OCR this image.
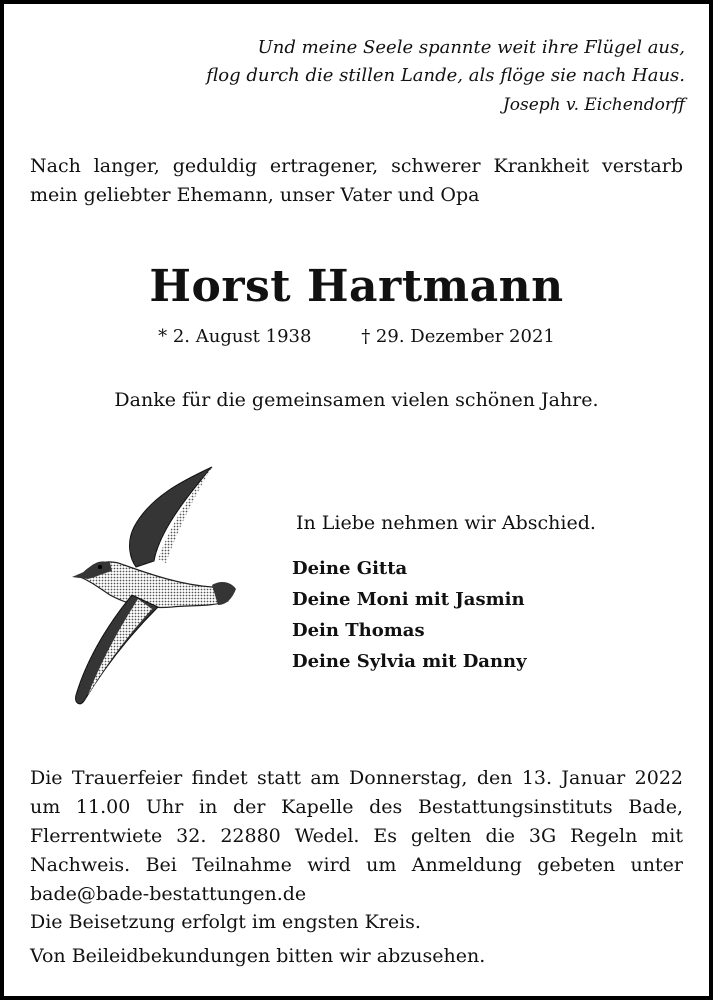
Und meine Seele spannte weit ihre Flügel aus,
flog durch die stillen Lande, als flöge sie nach Haus.
Joseph v. Eichendorff
Nach langer, geduldig ertragener, schwerer Krankheit verstarb mein geliebter Ehemann, unser Vater und Opa
Horst Hartmann
* 2. August 1938	† 29. Dezember 2021
Danke für die gemeinsamen vielen schönen Jahre.
In Liebe nehmen wir Abschied.
Deine Gitta
Deine Moni mit Jasmin
Dein Thomas
Deine Sylvia mit Danny
Die Trauerfeier findet statt am Donnerstag, den 13. Januar 2022 um 11.00 Uhr in der Kapelle des Bestattungsinstituts Bade, Flerrentwiete 32. 22880 Wedel. Es gelten die 3G Regeln mit Nachweis. Bei Teilnahme wird um Anmeldung gebeten unter bade@bade-bestattungen.de
Die Beisetzung erfolgt im engsten Kreis.
Von Beileidbekundungen bitten wir abzusehen.
